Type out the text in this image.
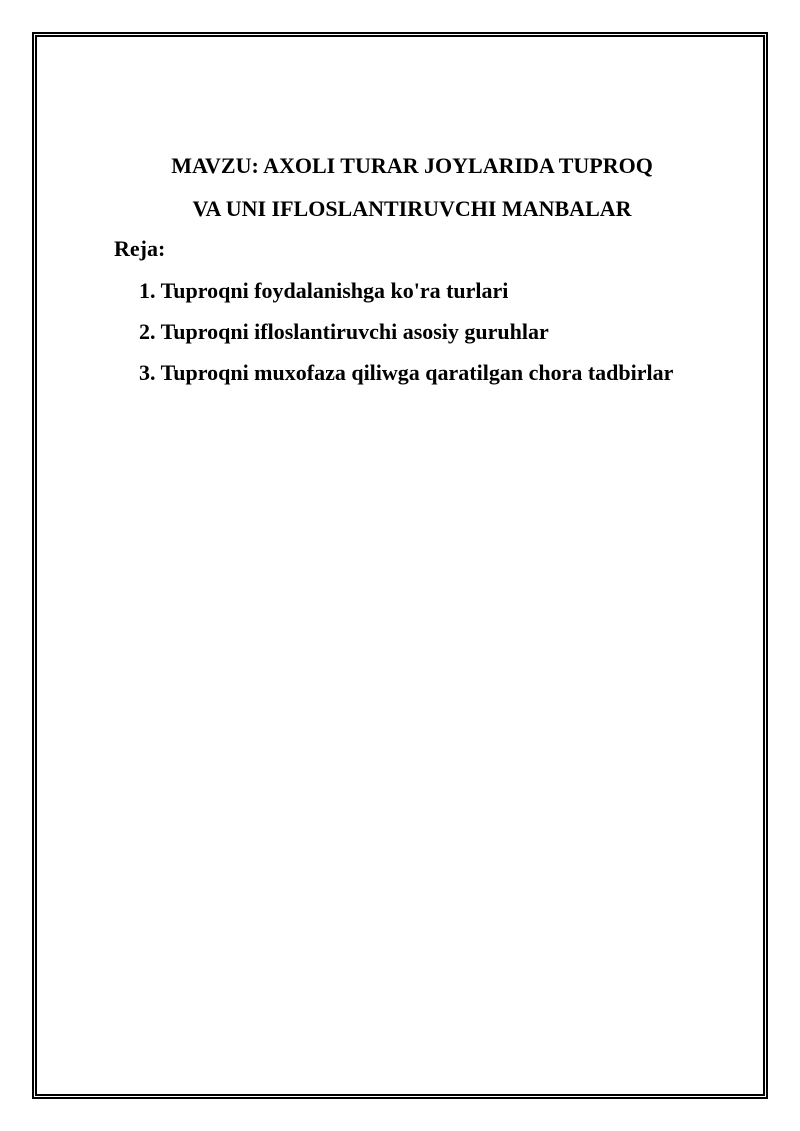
MAVZU: AXOLI TURAR JOYLARIDA TUPROQ
VA UNI IFLOSLANTIRUVCHI MANBALAR
Reja:
1. Tuproqni foydalanishga ko'ra turlari
2. Tuproqni ifloslantiruvchi asosiy guruhlar
3. Tuproqni muxofaza qiliwga qaratilgan chora tadbirlar
